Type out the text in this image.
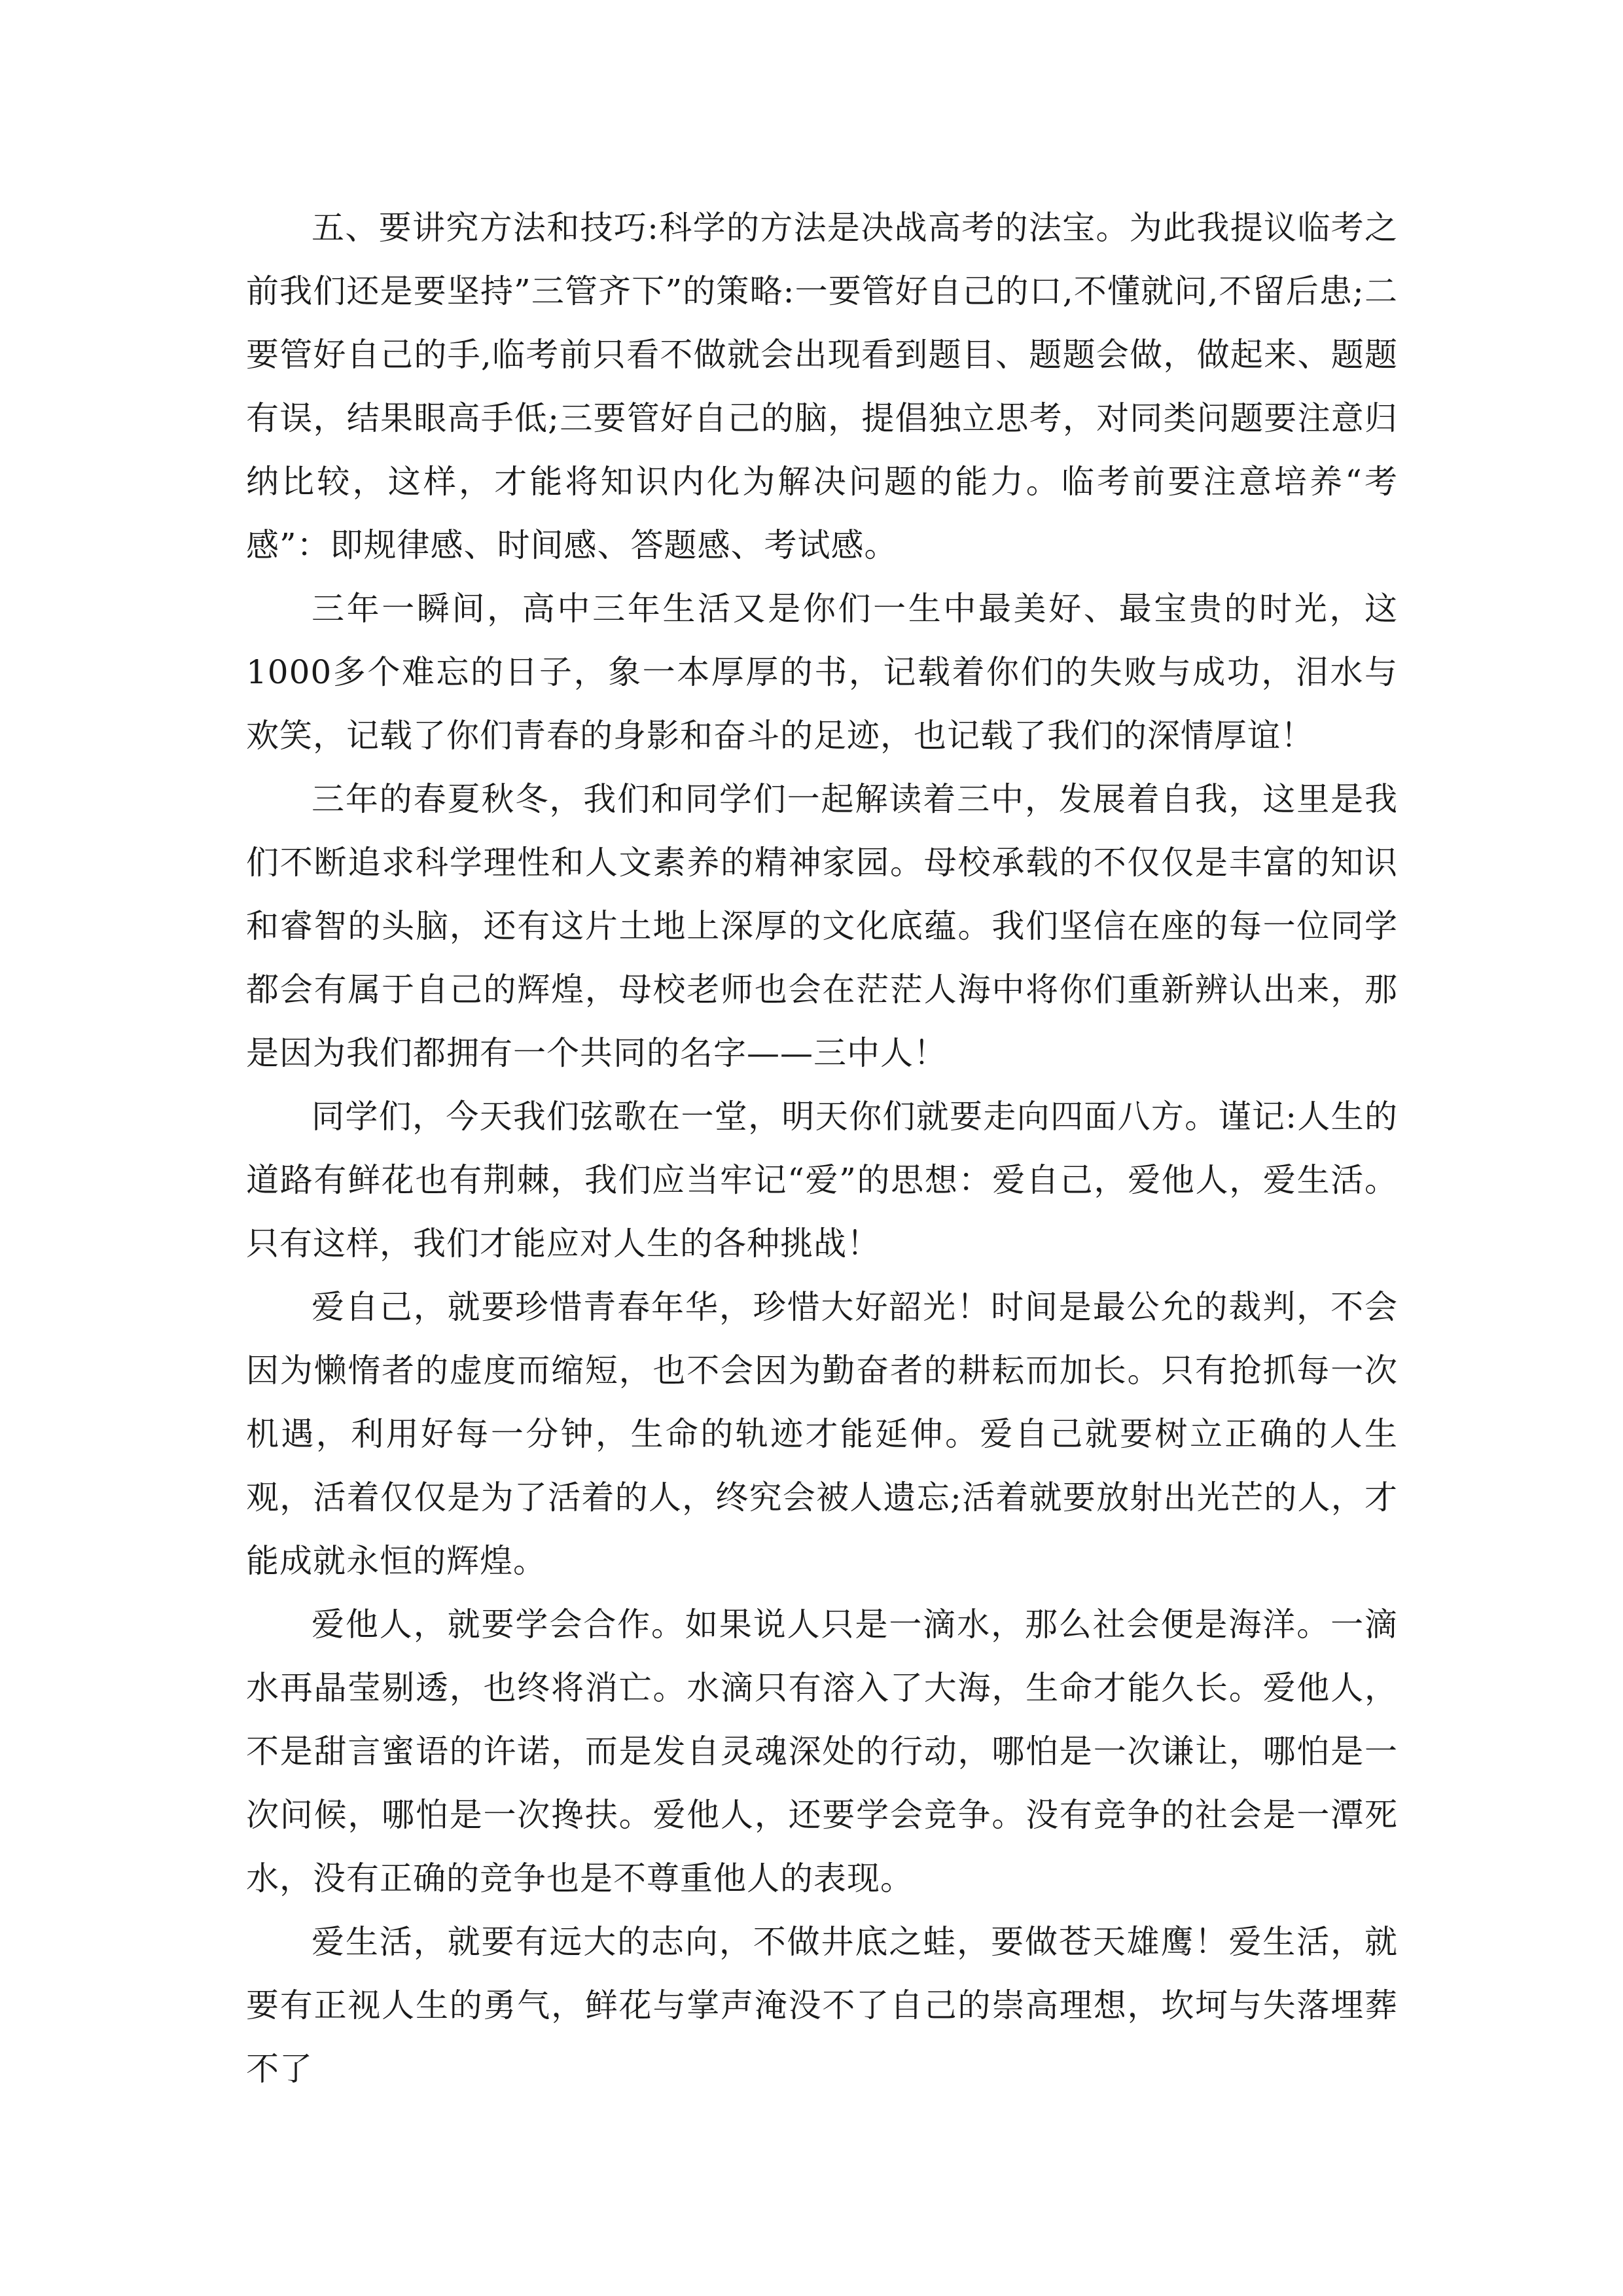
五、要讲究方法和技巧:科学的方法是决战高考的法宝。为此我提议临考之前我们还是要坚持”三管齐下”的策略:一要管好自己的口,不懂就问,不留后患;二要管好自己的手,临考前只看不做就会出现看到题目、题题会做，做起来、题题有误，结果眼高手低;三要管好自己的脑，提倡独立思考，对同类问题要注意归纳比较，这样，才能将知识内化为解决问题的能力。临考前要注意培养“考感”：即规律感、时间感、答题感、考试感。

三年一瞬间，高中三年生活又是你们一生中最美好、最宝贵的时光，这1000多个难忘的日子，象一本厚厚的书，记载着你们的失败与成功，泪水与欢笑，记载了你们青春的身影和奋斗的足迹，也记载了我们的深情厚谊！

三年的春夏秋冬，我们和同学们一起解读着三中，发展着自我，这里是我们不断追求科学理性和人文素养的精神家园。母校承载的不仅仅是丰富的知识和睿智的头脑，还有这片土地上深厚的文化底蕴。我们坚信在座的每一位同学都会有属于自己的辉煌，母校老师也会在茫茫人海中将你们重新辨认出来，那是因为我们都拥有一个共同的名字——三中人！

同学们，今天我们弦歌在一堂，明天你们就要走向四面八方。谨记:人生的道路有鲜花也有荆棘，我们应当牢记“爱”的思想：爱自己，爱他人，爱生活。只有这样，我们才能应对人生的各种挑战！

爱自己，就要珍惜青春年华，珍惜大好韶光！时间是最公允的裁判，不会因为懒惰者的虚度而缩短，也不会因为勤奋者的耕耘而加长。只有抢抓每一次机遇，利用好每一分钟，生命的轨迹才能延伸。爱自己就要树立正确的人生观，活着仅仅是为了活着的人，终究会被人遗忘;活着就要放射出光芒的人，才能成就永恒的辉煌。

爱他人，就要学会合作。如果说人只是一滴水，那么社会便是海洋。一滴水再晶莹剔透，也终将消亡。水滴只有溶入了大海，生命才能久长。爱他人，不是甜言蜜语的许诺，而是发自灵魂深处的行动，哪怕是一次谦让，哪怕是一次问候，哪怕是一次搀扶。爱他人，还要学会竞争。没有竞争的社会是一潭死水，没有正确的竞争也是不尊重他人的表现。

爱生活，就要有远大的志向，不做井底之蛙，要做苍天雄鹰！爱生活，就要有正视人生的勇气，鲜花与掌声淹没不了自己的崇高理想，坎坷与失落埋葬不了
